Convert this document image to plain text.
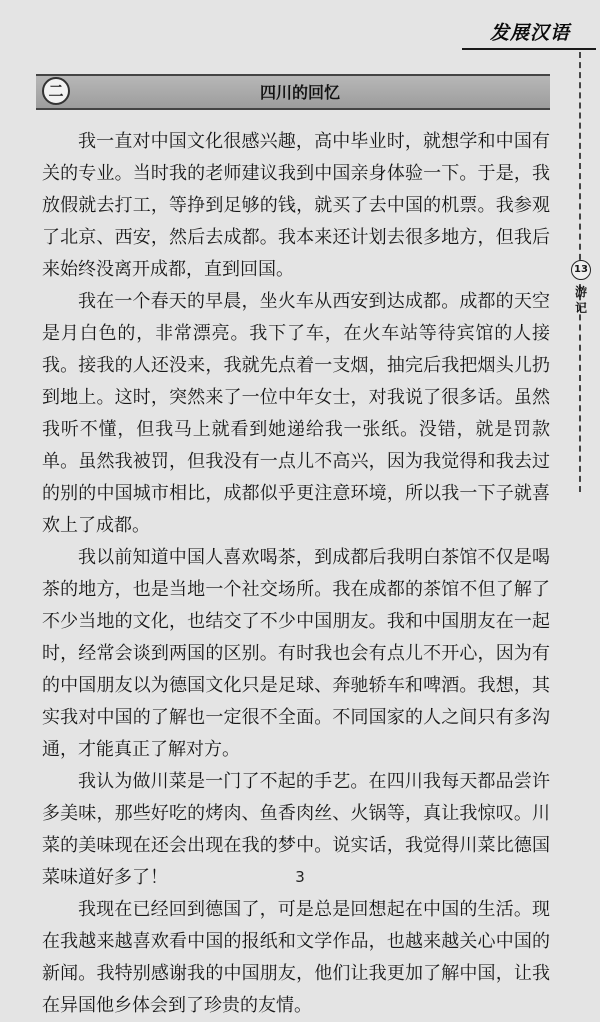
发展汉语
二	四川的回忆
13
游记

我一直对中国文化很感兴趣，高中毕业时，就想学和中国有关的专业。当时我的老师建议我到中国亲身体验一下。于是，我放假就去打工，等挣到足够的钱，就买了去中国的机票。我参观了北京、西安，然后去成都。我本来还计划去很多地方，但我后来始终没离开成都，直到回国。

我在一个春天的早晨，坐火车从西安到达成都。成都的天空是月白色的，非常漂亮。我下了车，在火车站等待宾馆的人接我。接我的人还没来，我就先点着一支烟，抽完后我把烟头儿扔到地上。这时，突然来了一位中年女士，对我说了很多话。虽然我听不懂，但我马上就看到她递给我一张纸。没错，就是罚款单。虽然我被罚，但我没有一点儿不高兴，因为我觉得和我去过的别的中国城市相比，成都似乎更注意环境，所以我一下子就喜欢上了成都。

我以前知道中国人喜欢喝茶，到成都后我明白茶馆不仅是喝茶的地方，也是当地一个社交场所。我在成都的茶馆不但了解了不少当地的文化，也结交了不少中国朋友。我和中国朋友在一起时，经常会谈到两国的区别。有时我也会有点儿不开心，因为有的中国朋友以为德国文化只是足球、奔驰轿车和啤酒。我想，其实我对中国的了解也一定很不全面。不同国家的人之间只有多沟通，才能真正了解对方。

我认为做川菜是一门了不起的手艺。在四川我每天都品尝许多美味，那些好吃的烤肉、鱼香肉丝、火锅等，真让我惊叹。川菜的美味现在还会出现在我的梦中。说实话，我觉得川菜比德国菜味道好多了！

我现在已经回到德国了，可是总是回想起在中国的生活。现在我越来越喜欢看中国的报纸和文学作品，也越来越关心中国的新闻。我特别感谢我的中国朋友，他们让我更加了解中国，让我在异国他乡体会到了珍贵的友情。

3
